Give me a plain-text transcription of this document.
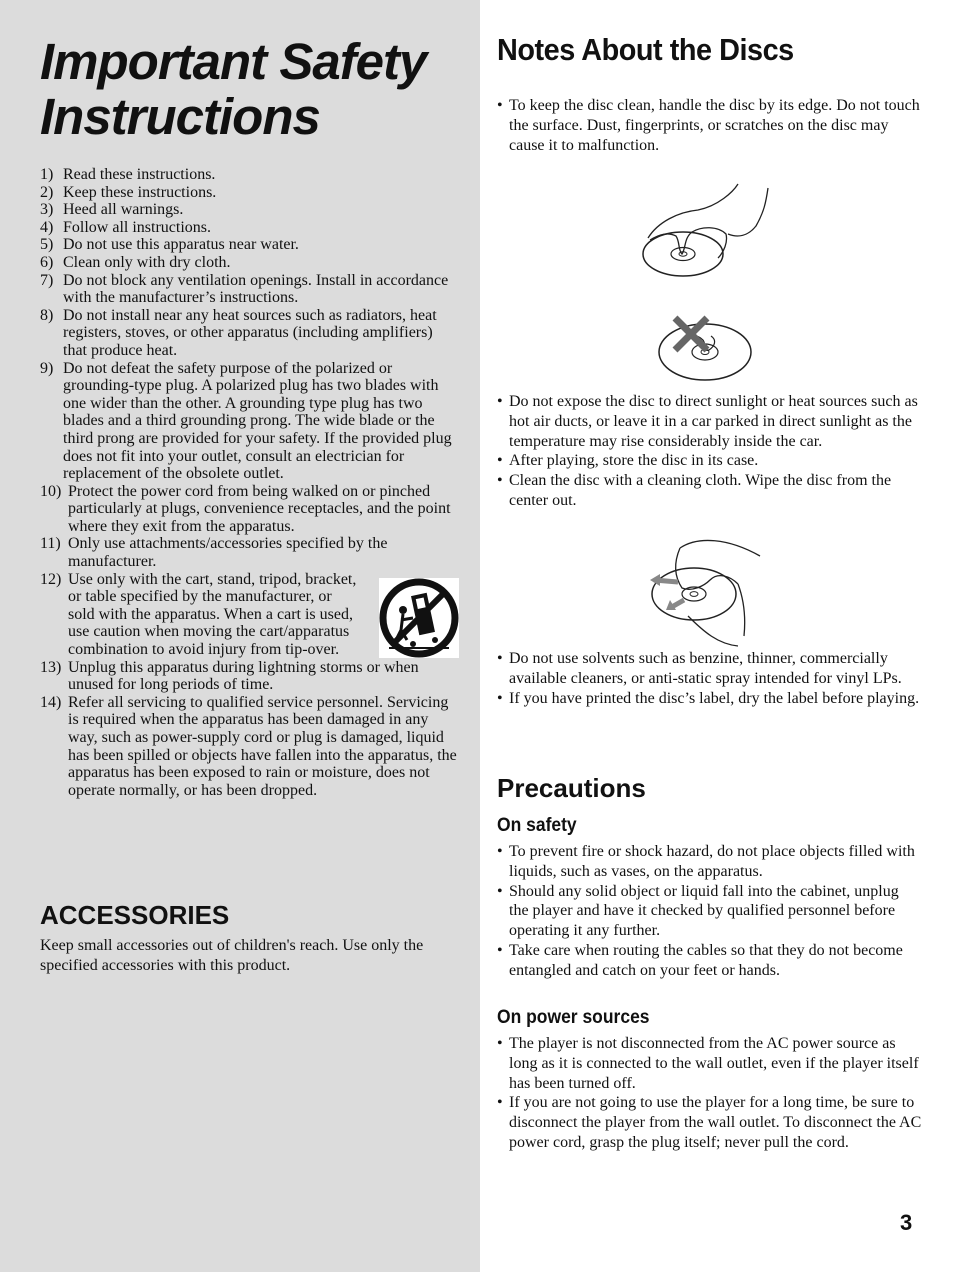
Important Safety Instructions
1) Read these instructions.
2) Keep these instructions.
3) Heed all warnings.
4) Follow all instructions.
5) Do not use this apparatus near water.
6) Clean only with dry cloth.
7) Do not block any ventilation openings. Install in accordance with the manufacturer’s instructions.
8) Do not install near any heat sources such as radiators, heat registers, stoves, or other apparatus (including amplifiers) that produce heat.
9) Do not defeat the safety purpose of the polarized or grounding-type plug. A polarized plug has two blades with one wider than the other. A grounding type plug has two blades and a third grounding prong. The wide blade or the third prong are provided for your safety. If the provided plug does not fit into your outlet, consult an electrician for replacement of the obsolete outlet.
10) Protect the power cord from being walked on or pinched particularly at plugs, convenience receptacles, and the point where they exit from the apparatus.
11) Only use attachments/accessories specified by the manufacturer.
12) Use only with the cart, stand, tripod, bracket, or table specified by the manufacturer, or sold with the apparatus. When a cart is used, use caution when moving the cart/apparatus combination to avoid injury from tip-over.
13) Unplug this apparatus during lightning storms or when unused for long periods of time.
14) Refer all servicing to qualified service personnel. Servicing is required when the apparatus has been damaged in any way, such as power-supply cord or plug is damaged, liquid has been spilled or objects have fallen into the apparatus, the apparatus has been exposed to rain or moisture, does not operate normally, or has been dropped.
ACCESSORIES

Keep small accessories out of children's reach. Use only the specified accessories with this product.

Notes About the Discs
• To keep the disc clean, handle the disc by its edge. Do not touch the surface. Dust, fingerprints, or scratches on the disc may cause it to malfunction.
• Do not expose the disc to direct sunlight or heat sources such as hot air ducts, or leave it in a car parked in direct sunlight as the temperature may rise considerably inside the car.
• After playing, store the disc in its case.
• Clean the disc with a cleaning cloth. Wipe the disc from the center out.
• Do not use solvents such as benzine, thinner, commercially available cleaners, or anti-static spray intended for vinyl LPs.
• If you have printed the disc’s label, dry the label before playing.
Precautions
On safety
• To prevent fire or shock hazard, do not place objects filled with liquids, such as vases, on the apparatus.
• Should any solid object or liquid fall into the cabinet, unplug the player and have it checked by qualified personnel before operating it any further.
• Take care when routing the cables so that they do not become entangled and catch on your feet or hands.
On power sources
• The player is not disconnected from the AC power source as long as it is connected to the wall outlet, even if the player itself has been turned off.
• If you are not going to use the player for a long time, be sure to disconnect the player from the wall outlet. To disconnect the AC power cord, grasp the plug itself; never pull the cord.
3
